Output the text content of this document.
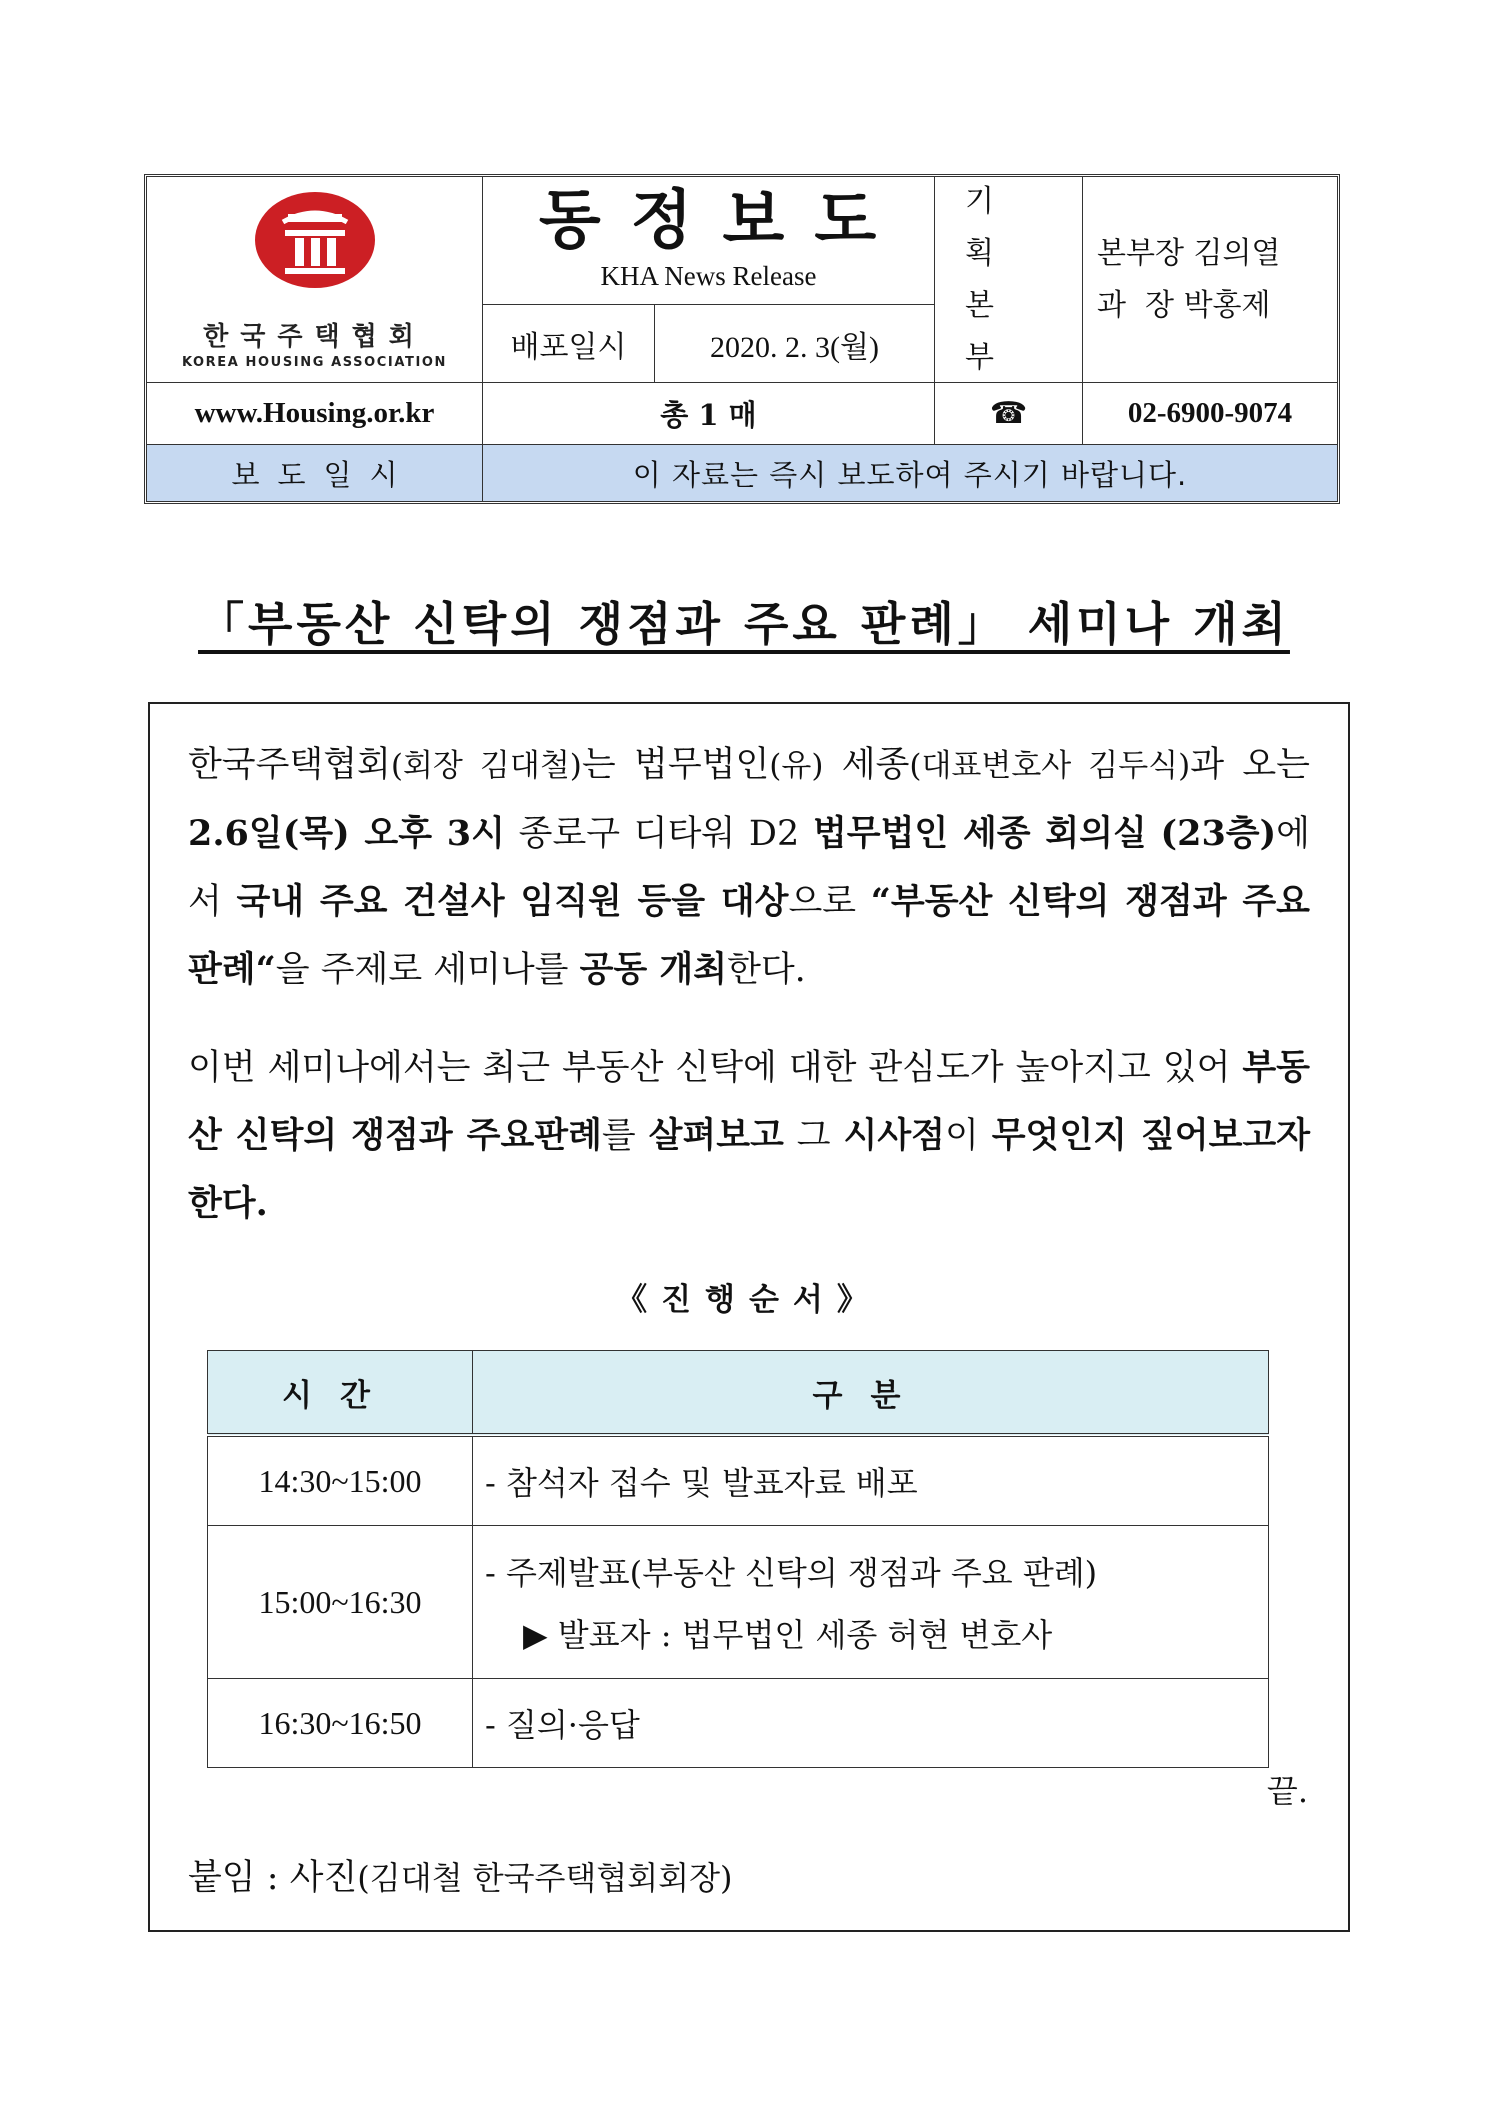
한국주택협회
KOREA HOUSING ASSOCIATION
동정보도
KHA News Release
배포일시	2020. 2. 3(월)
기획
본부
본부장 김의열
과  장 박홍제
www.Housing.or.kr	총 1 매	☎	02-6900-9074
보도일시	이 자료는 즉시 보도하여 주시기 바랍니다.
「부동산 신탁의 쟁점과 주요 판례」 세미나 개최
한국주택협회(회장 김대철)는 법무법인(유) 세종(대표변호사 김두식)과 오는 2.6일(목) 오후 3시 종로구 디타워 D2 법무법인 세종 회의실 (23층)에서 국내 주요 건설사 임직원 등을 대상으로 “부동산 신탁의 쟁점과 주요 판례“을 주제로 세미나를 공동 개최한다.
이번 세미나에서는 최근 부동산 신탁에 대한 관심도가 높아지고 있어 부동산 신탁의 쟁점과 주요판례를 살펴보고 그 시사점이 무엇인지 짚어보고자 한다.
《진행순서》
시간	구분
14:30~15:00	- 참석자 접수 및 발표자료 배포
15:00~16:30	- 주제발표(부동산 신탁의 쟁점과 주요 판례)
▶ 발표자 : 법무법인 세종 허현 변호사

16:30~16:50	- 질의·응답
끝.
붙임 : 사진(김대철 한국주택협회회장)
